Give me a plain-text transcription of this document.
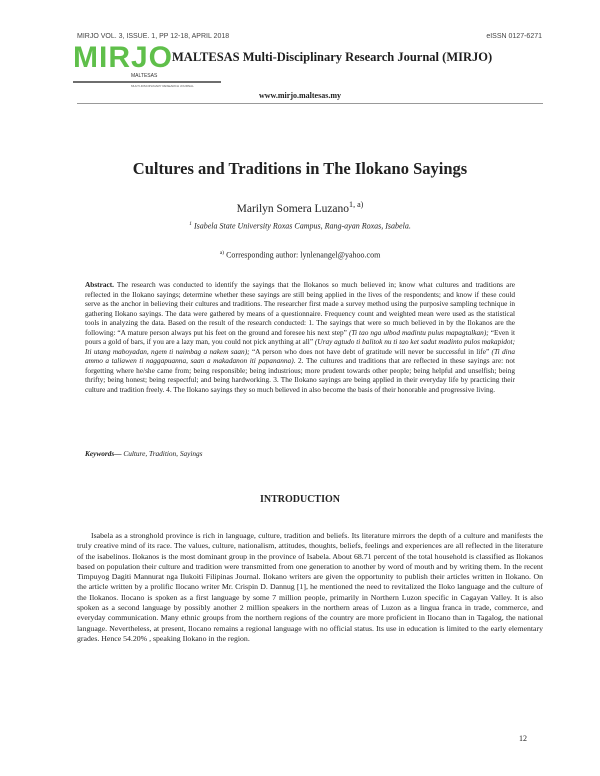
MIRJO VOL. 3, ISSUE. 1, PP 12-18, APRIL 2018	eISSN 0127-6271
MIRJO
MALTESAS
MULTI-DISCIPLINARY RESEARCH JOURNAL
MALTESAS Multi-Disciplinary Research Journal (MIRJO)
www.mirjo.maltesas.my
Cultures and Traditions in The Ilokano Sayings
Marilyn Somera Luzano$^{1, a)}$
$^1$ Isabela State University Roxas Campus, Rang-ayan Roxas, Isabela.
$^{a)}$ Corresponding author: lynlenangel@yahoo.com

Abstract. The research was conducted to identify the sayings that the Ilokanos so much believed in; know what cultures and traditions are reflected in the Ilokano sayings; determine whether these sayings are still being applied in the lives of the respondents; and know if these could serve as the anchor in believing their cultures and traditions. The researcher first made a survey method using the purposive sampling technique in gathering Ilokano sayings. The data were gathered by means of a questionnaire. Frequency count and weighted mean were used as the statistical tools in analyzing the data. Based on the result of the research conducted: 1. The sayings that were so much believed in by the Ilokanos are the following: “A mature person always put his feet on the ground and foresee his next step” (Ti tao nga ulbod madintu pulus mapagtalkan); “Even it pours a gold of bars, if you are a lazy man, you could not pick anything at all” (Uray agtudo ti balitok nu ti tao ket sadut madinto pulos makapidot; Iti utang maboyadan, ngem ti naimbag a nakem saan); “A person who does not have debt of gratitude will never be successful in life” (Ti dina ammo a taliawen ti naggapuanna, saan a makadanon iti papananna). 2. The cultures and traditions that are reflected in these sayings are: not forgetting where he/she came from; being responsible; being industrious; more prudent towards other people; being helpful and unselfish; being thrifty; being honest; being respectful; and being hardworking. 3. The Ilokano sayings are being applied in their everyday life by practicing their culture and tradition freely. 4. The Ilokano sayings they so much believed in also become the basis of their honorable and progressive living.

Keywords— Culture, Tradition, Sayings
INTRODUCTION

Isabela as a stronghold province is rich in language, culture, tradition and beliefs. Its literature mirrors the depth of a culture and manifests the truly creative mind of its race. The values, culture, nationalism, attitudes, thoughts, beliefs, feelings and experiences are all reflected in the literature of the isabelinos. Ilokanos is the most dominant group in the province of Isabela. About 68.71 percent of the total household is classified as Ilokanos based on population their culture and tradition were transmitted from one generation to another by word of mouth and by writing them. In the recent Timpuyog Dagiti Mannurat nga Ilukoiti Filipinas Journal. Ilokano writers are given the opportunity to publish their articles written in Ilokano. On the article written by a prolific Ilocano writer Mr. Crispin D. Dannug [1], he mentioned the need to revitalized the Iloko language and the culture of the Ilokanos. Ilocano is spoken as a first language by some 7 million people, primarily in Northern Luzon specific in Cagayan Valley. It is also spoken as a second language by possibly another 2 million speakers in the northern areas of Luzon as a lingua franca in trade, commerce, and everyday communication. Many ethnic groups from the northern regions of the country are more proficient in Ilocano than in Tagalog, the national language. Nevertheless, at present, Ilocano remains a regional language with no official status. Its use in education is limited to the early elementary grades. Hence 54.20% , speaking Ilokano in the region.

12
